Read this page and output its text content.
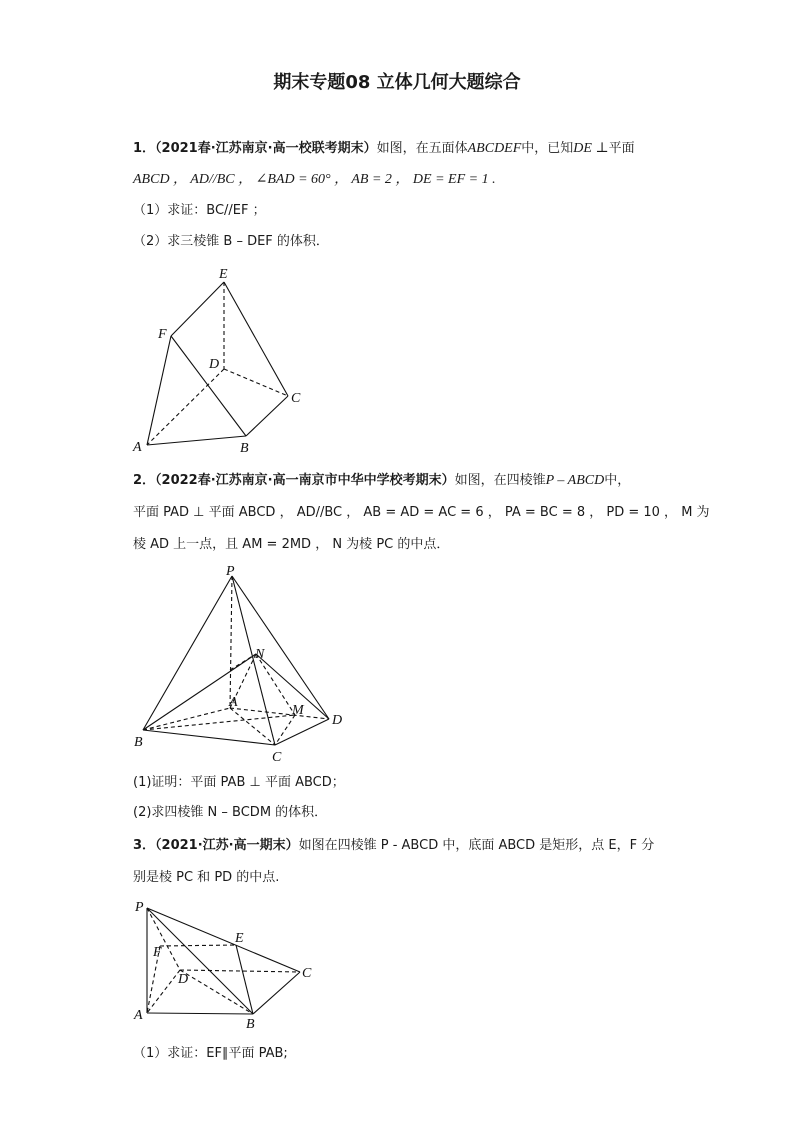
期末专题08 立体几何大题综合
1．（2021春·江苏南京·高一校联考期末）如图，在五面体ABCDEF中，已知DE ⊥平面
ABCD ， AD//BC ， ∠BAD = 60° ， AB = 2 ， DE = EF = 1 .
（1）求证：BC//EF ；
（2）求三棱锥 B – DEF 的体积．
E
F
D
C
A	B
2．（2022春·江苏南京·高一南京市中华中学校考期末）如图，在四棱锥P – ABCD中，
平面 PAD ⊥ 平面 ABCD ， AD//BC ， AB = AD = AC = 6 ， PA = BC = 8 ， PD = 10 ， M 为
棱 AD 上一点，且 AM = 2MD ， N 为棱 PC 的中点．
P
N
A
M
D
B
C
(1)证明：平面 PAB ⊥ 平面 ABCD；
(2)求四棱锥 N – BCDM 的体积．
3．（2021·江苏·高一期末）如图在四棱锥 P - ABCD 中，底面 ABCD 是矩形，点 E，F 分
别是棱 PC 和 PD 的中点.
P
E
F
D	C
A
B
（1）求证：EF∥平面 PAB;
